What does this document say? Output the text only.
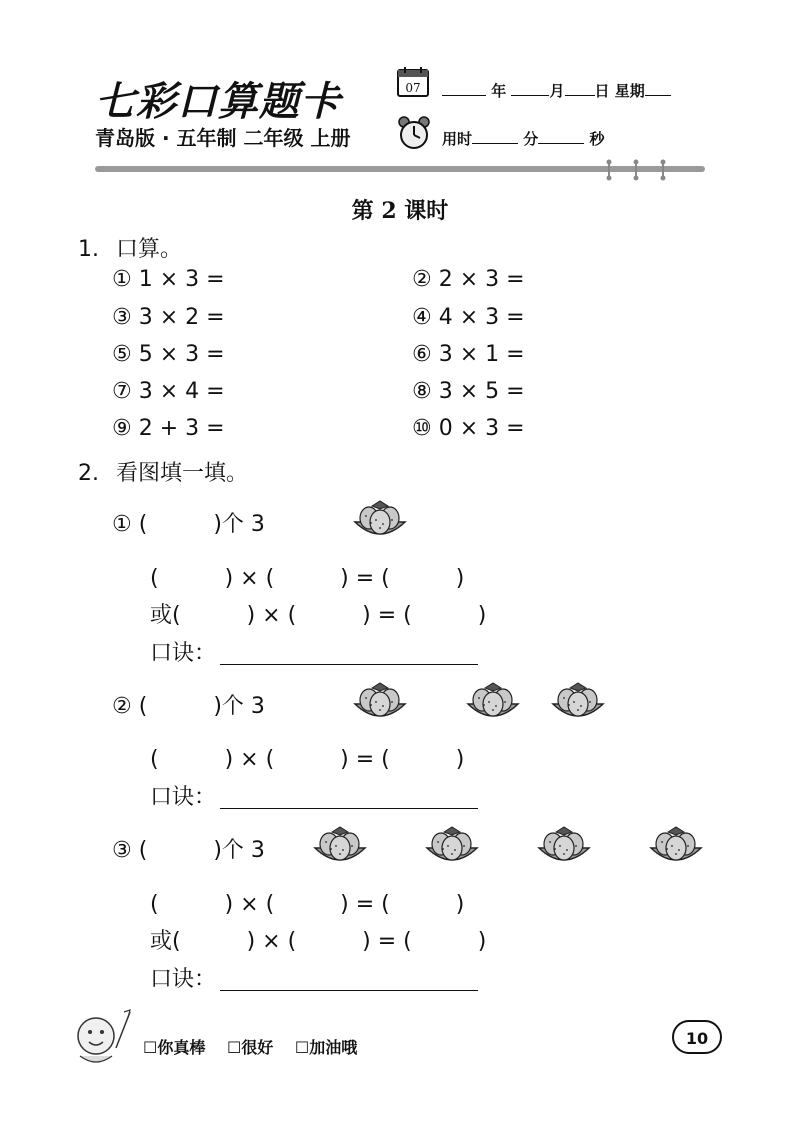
七彩口算题卡
青岛版 · 五年制 二年级 上册
07	年	月 日 星期
用时	分	秒
第 2 课时
1. 口算。
① 1 × 3 =	② 2 × 3 =
③ 3 × 2 =	④ 4 × 3 =
⑤ 5 × 3 =	⑥ 3 × 1 =
⑦ 3 × 4 =	⑧ 3 × 5 =
⑨ 2 + 3 =	⑩ 0 × 3 =
2. 看图填一填。
① (　　　)个 3
(　　　) × (　　　) = (　　　)
或(　　　) × (　　　) = (　　　)
口诀：
② (　　　)个 3
(　　　) × (　　　) = (　　　)
口诀：
③ (　　　)个 3
(　　　) × (　　　) = (　　　)
或(　　　) × (　　　) = (　　　)
口诀：
☐你真棒 ☐很好 ☐加油哦	10
